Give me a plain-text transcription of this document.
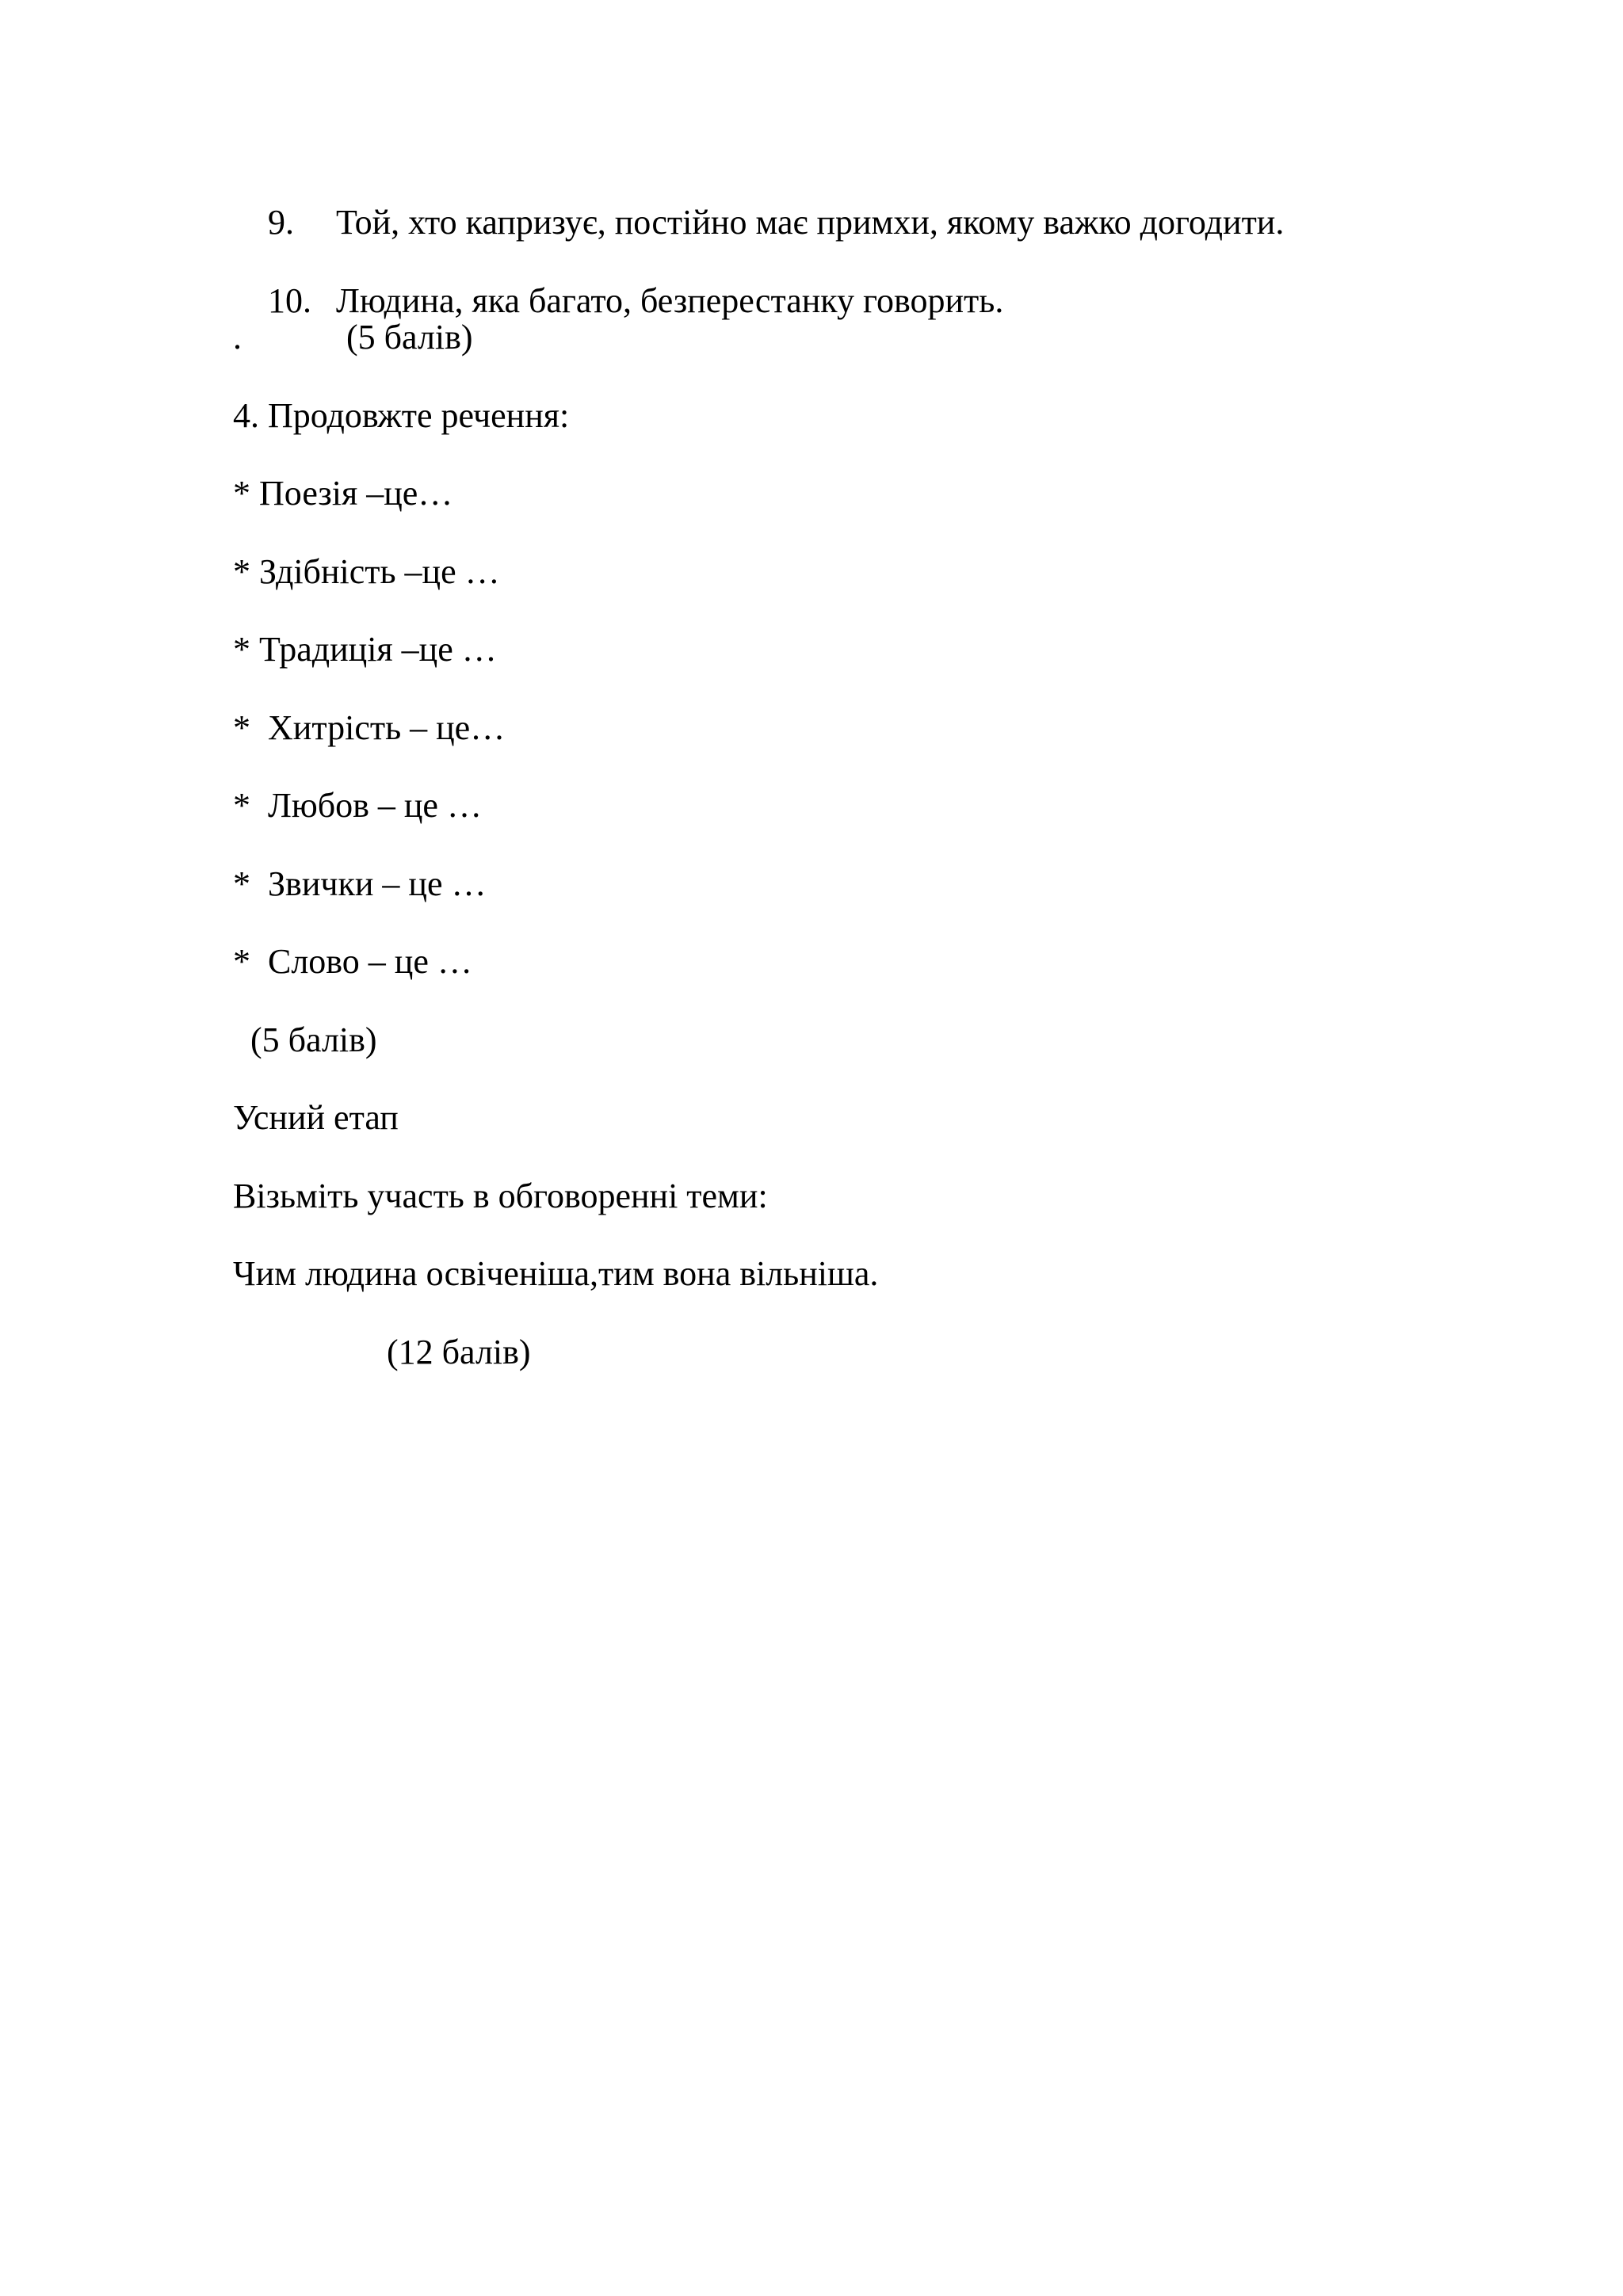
9. Той, хто капризує, постійно має примхи, якому важко догодити.

10. Людина, яка багато, безперестанку говорить.

.            (5 балів)
4. Продовжте речення:
* Поезія –це…
* Здібність –це …
* Традиція –це …
*  Хитрість – це…
*  Любов – це …
*  Звички – це …
*  Слово – це …
(5 балів)
Усний етап
Візьміть участь в обговоренні теми:
Чим людина освіченіша,тим вона вільніша.
(12 балів)
